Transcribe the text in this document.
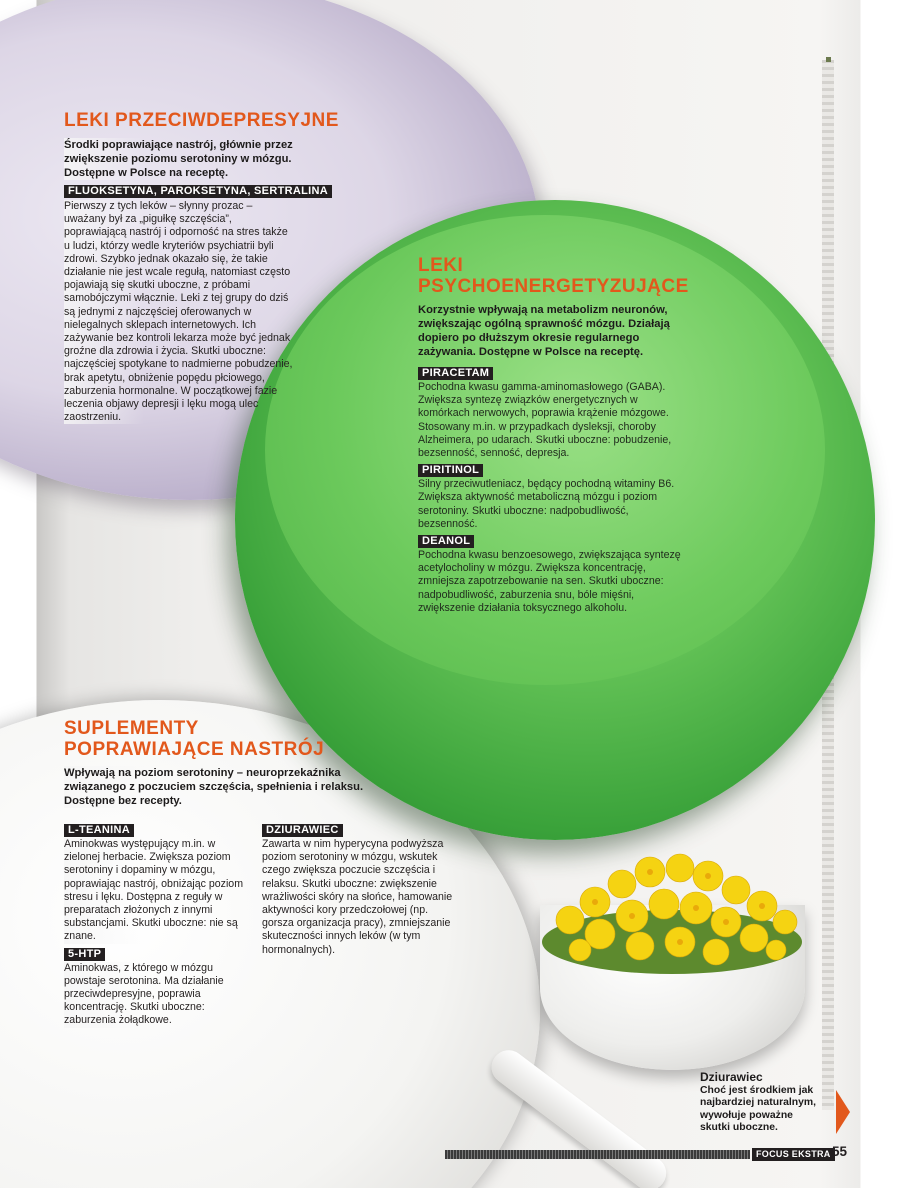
LEKI PRZECIWDEPRESYJNE
Środki poprawiające nastrój, głównie przez zwiększenie poziomu serotoniny w mózgu. Dostępne w Polsce na receptę.
FLUOKSETYNA, PAROKSETYNA, SERTRALINA
Pierwszy z tych leków – słynny prozac – uważany był za „pigułkę szczęścia”, poprawiającą nastrój i odporność na stres także u ludzi, którzy wedle kryteriów psychiatrii byli zdrowi. Szybko jednak okazało się, że takie działanie nie jest wcale regułą, natomiast często pojawiają się skutki uboczne, z próbami samobójczymi włącznie. Leki z tej grupy do dziś są jednymi z najczęściej oferowanych w nielegalnych sklepach internetowych. Ich zażywanie bez kontroli lekarza może być jednak groźne dla zdrowia i życia. Skutki uboczne: najczęściej spotykane to nadmierne pobudzenie, brak apetytu, obniżenie popędu płciowego, zaburzenia hormonalne. W początkowej fazie leczenia objawy depresji i lęku mogą ulec zaostrzeniu.
LEKI
PSYCHOENERGETYZUJĄCE
Korzystnie wpływają na metabolizm neuronów, zwiększając ogólną sprawność mózgu. Działają dopiero po dłuższym okresie regularnego zażywania. Dostępne w Polsce na receptę.
PIRACETAM
Pochodna kwasu gamma-aminomasłowego (GABA). Zwiększa syntezę związków energetycznych w komórkach nerwowych, poprawia krążenie mózgowe. Stosowany m.in. w przypadkach dysleksji, choroby Alzheimera, po udarach. Skutki uboczne: pobudzenie, bezsenność, senność, depresja.
PIRITINOL
Silny przeciwutleniacz, będący pochodną witaminy B6. Zwiększa aktywność metaboliczną mózgu i poziom serotoniny. Skutki uboczne: nadpobudliwość, bezsenność.
DEANOL
Pochodna kwasu benzoesowego, zwiększająca syntezę acetylocholiny w mózgu. Zwiększa koncentrację, zmniejsza zapotrzebowanie na sen. Skutki uboczne: nadpobudliwość, zaburzenia snu, bóle mięśni, zwiększenie działania toksycznego alkoholu.
SUPLEMENTY
POPRAWIAJĄCE NASTRÓJ
Wpływają na poziom serotoniny – neuroprzekaźnika związanego z poczuciem szczęścia, spełnienia i relaksu. Dostępne bez recepty.
L-TEANINA
Aminokwas występujący m.in. w zielonej herbacie. Zwiększa poziom serotoniny i dopaminy w mózgu, poprawiając nastrój, obniżając poziom stresu i lęku. Dostępna z reguły w preparatach złożonych z innymi substancjami. Skutki uboczne: nie są znane.
5-HTP
Aminokwas, z którego w mózgu powstaje serotonina. Ma działanie przeciwdepresyjne, poprawia koncentrację. Skutki uboczne: zaburzenia żołądkowe.
DZIURAWIEC
Zawarta w nim hyperycyna podwyższa poziom serotoniny w mózgu, wskutek czego zwiększa poczucie szczęścia i relaksu. Skutki uboczne: zwiększenie wrażliwości skóry na słońce, hamowanie aktywności kory przedczołowej (np. gorsza organizacja pracy), zmniejszanie skuteczności innych leków (w tym hormonalnych).
Dziurawiec
Choć jest środkiem jak najbardziej naturalnym, wywołuje poważne skutki uboczne.
FOCUS EKSTRA 55
